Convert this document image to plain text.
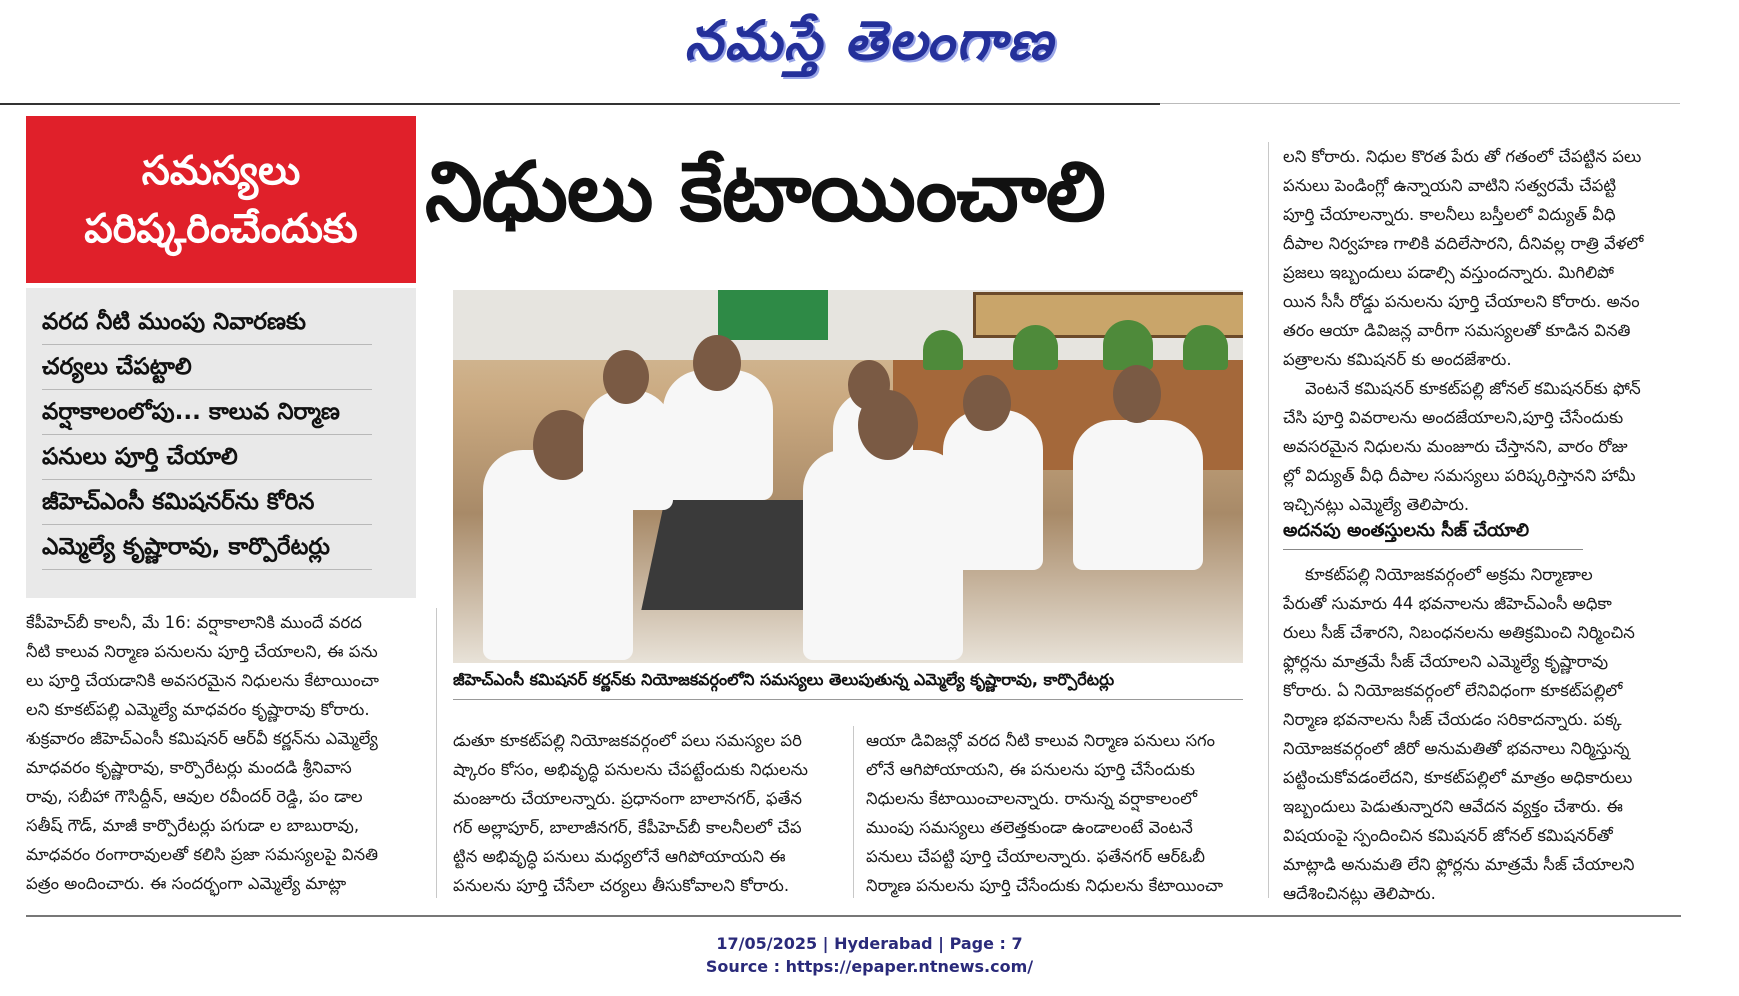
నమస్తే తెలంగాణ
సమస్యలు
పరిష్కరించేందుకు నిధులు కేటాయించాలి
వరద నీటి ముంపు నివారణకు
చర్యలు చేపట్టాలి
వర్షాకాలంలోపు... కాలువ నిర్మాణ
పనులు పూర్తి చేయాలి
జీహెచ్ఎంసీ కమిషనర్‌ను కోరిన
ఎమ్మెల్యే కృష్ణారావు, కార్పొరేటర్లు
జీహెచ్ఎంసీ కమిషనర్ కర్ణన్‌కు నియోజకవర్గంలోని సమస్యలు తెలుపుతున్న ఎమ్మెల్యే కృష్ణారావు, కార్పొరేటర్లు
కేపీహెచ్‌బీ కాలనీ, మే 16: వర్షాకాలానికి ముందే వరద
నీటి కాలువ నిర్మాణ పనులను పూర్తి చేయాలని, ఈ పను
లు పూర్తి చేయడానికి అవసరమైన నిధులను కేటాయించా
లని కూకట్‌పల్లి ఎమ్మెల్యే మాధవరం కృష్ణారావు కోరారు.
శుక్రవారం జీహెచ్ఎంసీ కమిషనర్ ఆర్‌వీ కర్ణన్‌ను ఎమ్మెల్యే
మాధవరం కృష్ణారావు, కార్పొరేటర్లు మందడి శ్రీనివాస
రావు, సబీహా గౌసిద్దీన్, ఆవుల రవీందర్ రెడ్డి, పం డాల
సతీష్ గౌడ్, మాజీ కార్పొరేటర్లు పగుడా ల బాబురావు,
మాధవరం రంగారావులతో కలిసి ప్రజా సమస్యలపై వినతి
పత్రం అందించారు. ఈ సందర్భంగా ఎమ్మెల్యే మాట్లా
డుతూ కూకట్‌పల్లి నియోజకవర్గంలో పలు సమస్యల పరి
ష్కారం కోసం, అభివృద్ధి పనులను చేపట్టేందుకు నిధులను
మంజూరు చేయాలన్నారు. ప్రధానంగా బాలానగర్, ఫతేన
గర్ అల్లాపూర్, బాలాజీనగర్, కేపీహెచ్‌బీ కాలనీలలో చేప
ట్టిన అభివృద్ధి పనులు మధ్యలోనే ఆగిపోయాయని ఈ
పనులను పూర్తి చేసేలా చర్యలు తీసుకోవాలని కోరారు.
ఆయా డివిజన్లో వరద నీటి కాలువ నిర్మాణ పనులు సగం
లోనే ఆగిపోయాయని, ఈ పనులను పూర్తి చేసేందుకు
నిధులను కేటాయించాలన్నారు. రానున్న వర్షాకాలంలో
ముంపు సమస్యలు తలెత్తకుండా ఉండాలంటే వెంటనే
పనులు చేపట్టి పూర్తి చేయాలన్నారు. ఫతేనగర్ ఆర్‌ఓబీ
నిర్మాణ పనులను పూర్తి చేసేందుకు నిధులను కేటాయించా
లని కోరారు. నిధుల కొరత పేరు తో గతంలో చేపట్టిన పలు
పనులు పెండింగ్లో ఉన్నాయని వాటిని సత్వరమే చేపట్టి
పూర్తి చేయాలన్నారు. కాలనీలు బస్తీలలో విద్యుత్ వీధి
దీపాల నిర్వహణ గాలికి వదిలేసారని, దీనివల్ల రాత్రి వేళలో
ప్రజలు ఇబ్బందులు పడాల్సి వస్తుందన్నారు. మిగిలిపో
యిన సీసీ రోడ్డు పనులను పూర్తి చేయాలని కోరారు. అనం
తరం ఆయా డివిజన్ల వారీగా సమస్యలతో కూడిన వినతి
పత్రాలను కమిషనర్ కు అందజేశారు.
వెంటనే కమిషనర్ కూకట్‌పల్లి జోనల్ కమిషనర్‌కు ఫోన్
చేసి పూర్తి వివరాలను అందజేయాలని,పూర్తి చేసేందుకు
అవసరమైన నిధులను మంజూరు చేస్తానని, వారం రోజు
ల్లో విద్యుత్ వీధి దీపాల సమస్యలు పరిష్కరిస్తానని హామీ
ఇచ్చినట్లు ఎమ్మెల్యే తెలిపారు.
అదనపు అంతస్తులను సీజ్ చేయాలి
కూకట్‌పల్లి నియోజకవర్గంలో అక్రమ నిర్మాణాల
పేరుతో సుమారు 44 భవనాలను జీహెచ్ఎంసీ అధికా
రులు సీజ్ చేశారని, నిబంధనలను అతిక్రమించి నిర్మించిన
ఫ్లోర్లను మాత్రమే సీజ్ చేయాలని ఎమ్మెల్యే కృష్ణారావు
కోరారు. ఏ నియోజకవర్గంలో లేనివిధంగా కూకట్‌పల్లిలో
నిర్మాణ భవనాలను సీజ్ చేయడం సరికాదన్నారు. పక్క
నియోజకవర్గంలో జీరో అనుమతితో భవనాలు నిర్మిస్తున్న
పట్టించుకోవడంలేదని, కూకట్‌పల్లిలో మాత్రం అధికారులు
ఇబ్బందులు పెడుతున్నారని ఆవేదన వ్యక్తం చేశారు. ఈ
విషయంపై స్పందించిన కమిషనర్ జోనల్ కమిషనర్‌తో
మాట్లాడి అనుమతి లేని ఫ్లోర్లను మాత్రమే సీజ్ చేయాలని
ఆదేశించినట్లు తెలిపారు.
17/05/2025 | Hyderabad | Page : 7
Source : https://epaper.ntnews.com/
